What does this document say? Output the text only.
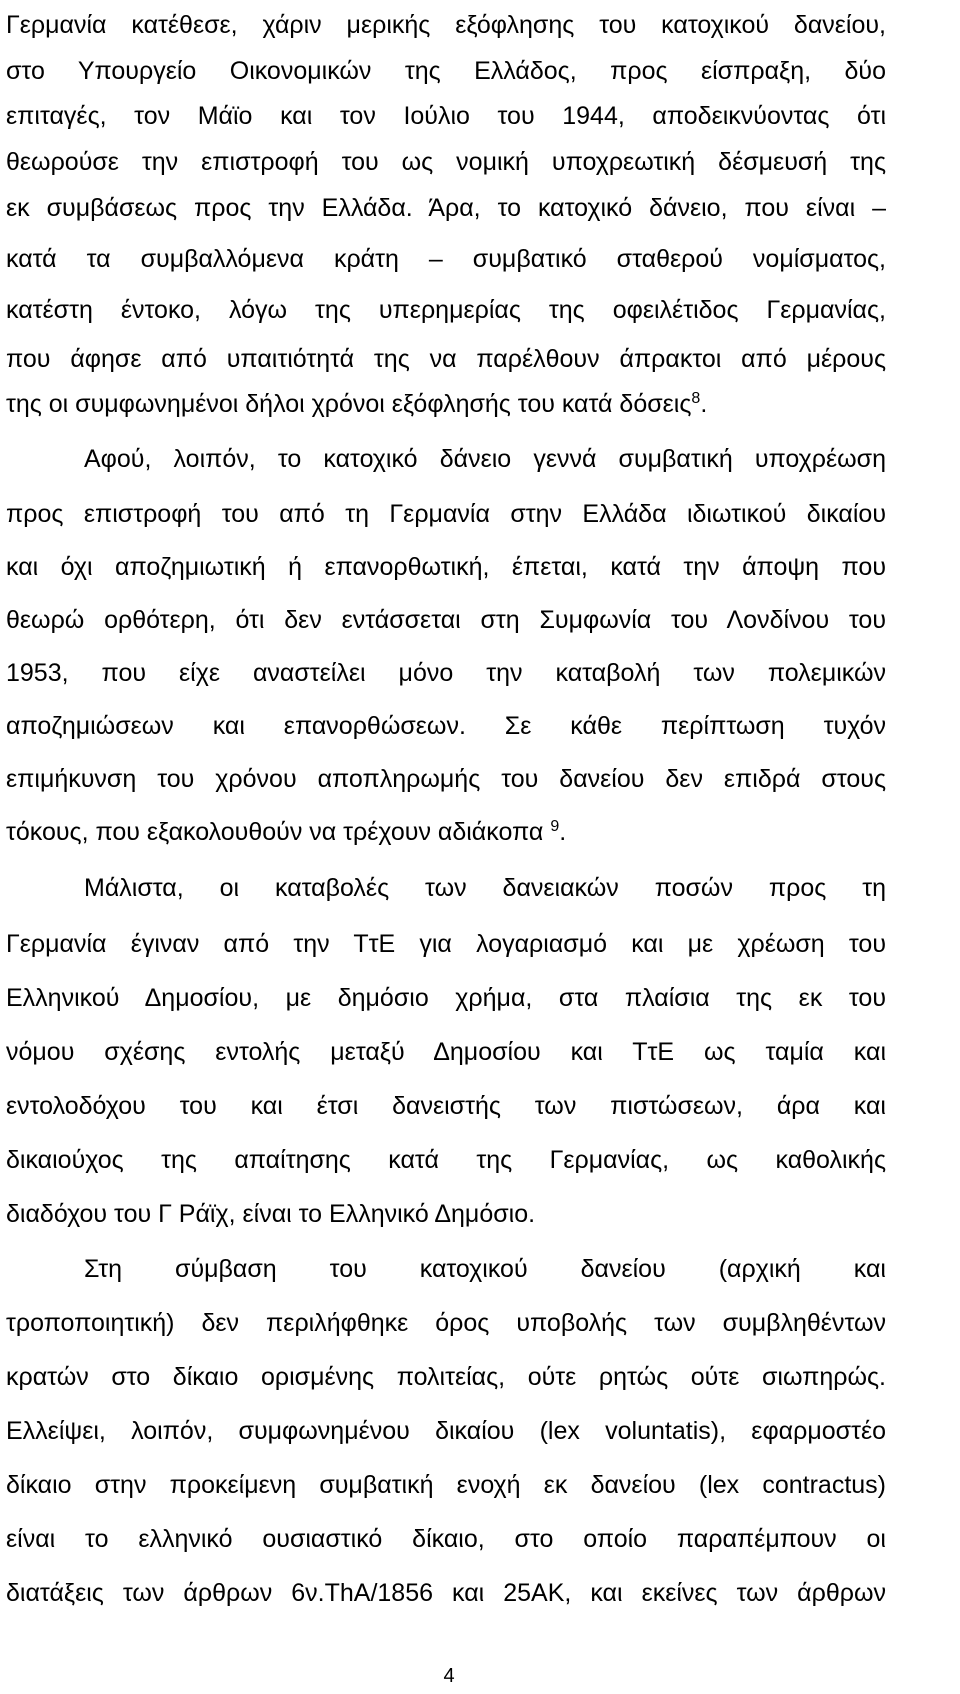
Γερμανία κατέθεσε, χάριν μερικής εξόφλησης του κατοχικού δανείου,
στο Υπουργείο Οικονομικών της Ελλάδος, προς είσπραξη, δύο
επιταγές, τον Μάϊο και τον Ιούλιο του 1944, αποδεικνύοντας ότι
θεωρούσε την επιστροφή του ως νομική υποχρεωτική δέσμευσή της
εκ συμβάσεως προς την Ελλάδα. Άρα, το κατοχικό δάνειο, που είναι –
κατά τα συμβαλλόμενα κράτη – συμβατικό σταθερού νομίσματος,
κατέστη έντοκο, λόγω της υπερημερίας της οφειλέτιδος Γερμανίας,
που άφησε από υπαιτιότητά της να παρέλθουν άπρακτοι από μέρους
της οι συμφωνημένοι δήλοι χρόνοι εξόφλησής του κατά δόσεις$^8$.
Αφού, λοιπόν, το κατοχικό δάνειο γεννά συμβατική υποχρέωση
προς επιστροφή του από τη Γερμανία στην Ελλάδα ιδιωτικού δικαίου
και όχι αποζημιωτική ή επανορθωτική, έπεται, κατά την άποψη που
θεωρώ ορθότερη, ότι δεν εντάσσεται στη Συμφωνία του Λονδίνου του
1953, που είχε αναστείλει μόνο την καταβολή των πολεμικών
αποζημιώσεων και επανορθώσεων. Σε κάθε περίπτωση τυχόν
επιμήκυνση του χρόνου αποπληρωμής του δανείου δεν επιδρά στους
τόκους, που εξακολουθούν να τρέχουν αδιάκοπα $^9$.
Μάλιστα, οι καταβολές των δανειακών ποσών προς τη
Γερμανία έγιναν από την ΤτΕ για λογαριασμό και με χρέωση του
Ελληνικού Δημοσίου, με δημόσιο χρήμα, στα πλαίσια της εκ του
νόμου σχέσης εντολής μεταξύ Δημοσίου και ΤτΕ ως ταμία και
εντολοδόχου του και έτσι δανειστής των πιστώσεων, άρα και
δικαιούχος της απαίτησης κατά της Γερμανίας, ως καθολικής
διαδόχου του Γ Ράϊχ, είναι το Ελληνικό Δημόσιο.
Στη σύμβαση του κατοχικού δανείου (αρχική και
τροποποιητική) δεν περιλήφθηκε όρος υποβολής των συμβληθέντων
κρατών στο δίκαιο ορισμένης πολιτείας, ούτε ρητώς ούτε σιωπηρώς.
Ελλείψει, λοιπόν, συμφωνημένου δικαίου (lex voluntatis), εφαρμοστέο
δίκαιο στην προκείμενη συμβατική ενοχή εκ δανείου (lex contractus)
είναι το ελληνικό ουσιαστικό δίκαιο, στο οποίο παραπέμπουν οι
διατάξεις των άρθρων 6ν.ΤhΑ/1856 και 25ΑΚ, και εκείνες των άρθρων
4
